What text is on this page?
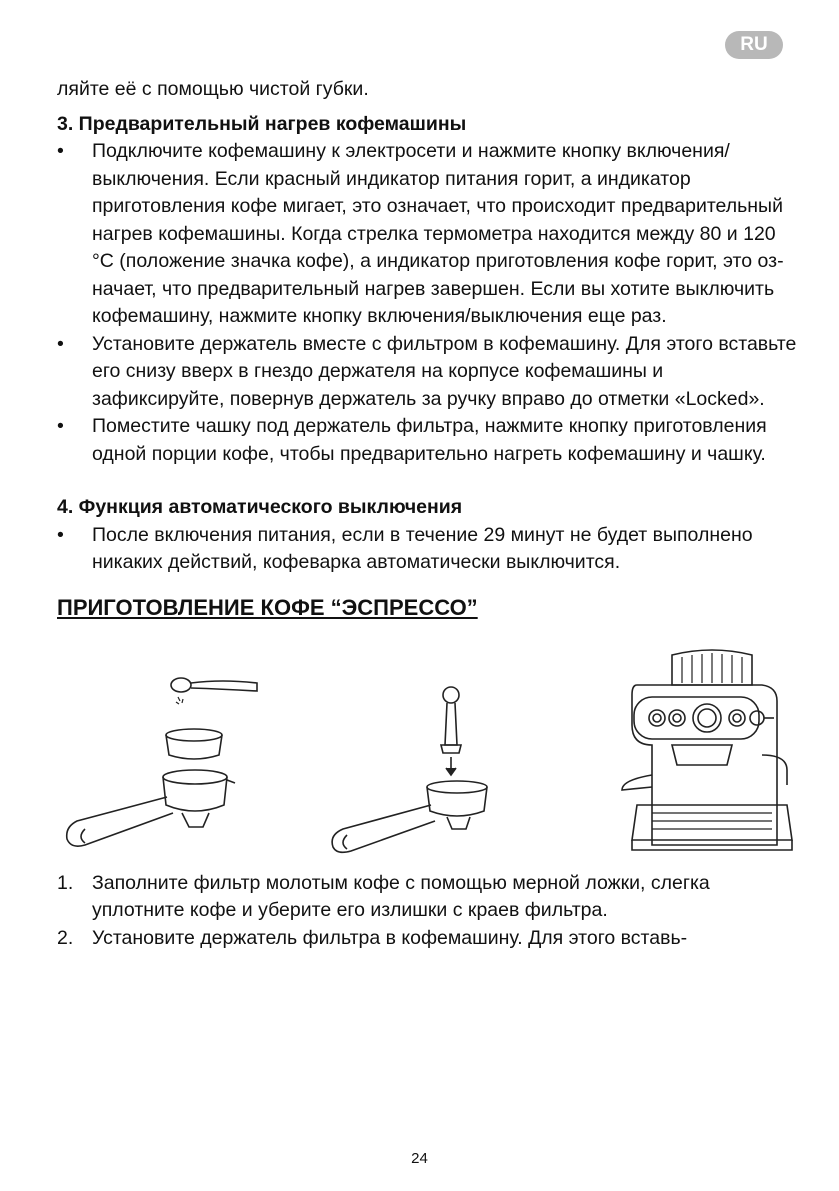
RU

ляйте её с помощью чистой губки.

3. Предварительный нагрев кофемашины

•	Подключите кофемашину к электросети и нажмите кнопку включения/выключения. Если красный индикатор питания горит, а индикатор приготовления кофе мигает, это означает, что происходит предварительный нагрев кофемашины. Когда стрелка термометра находится между 80 и 120 °С (положение значка кофе), а индикатор приготовления кофе горит, это означает, что предварительный нагрев завершен. Если вы хотите выключить кофемашину, нажмите кнопку включения/выключения еще раз.
•	Установите держатель вместе с фильтром в кофемашину. Для этого вставьте его снизу вверх в гнездо держателя на корпусе кофемашины и зафиксируйте, повернув держатель за ручку вправо до отметки «Locked».
•	Поместите чашку под держатель фильтра, нажмите кнопку приготовления одной порции кофе, чтобы предварительно нагреть кофемашину и чашку.

4. Функция автоматического выключения

•	После включения питания, если в течение 29 минут не будет выполнено никаких действий, кофеварка автоматически выключится.
ПРИГОТОВЛЕНИЕ КОФЕ “ЭСПРЕССО”
1. Заполните фильтр молотым кофе с помощью мерной ложки, слегка уплотните кофе и уберите его излишки с краев фильтра.
2. Установите держатель фильтра в кофемашину. Для этого вставь-
24
